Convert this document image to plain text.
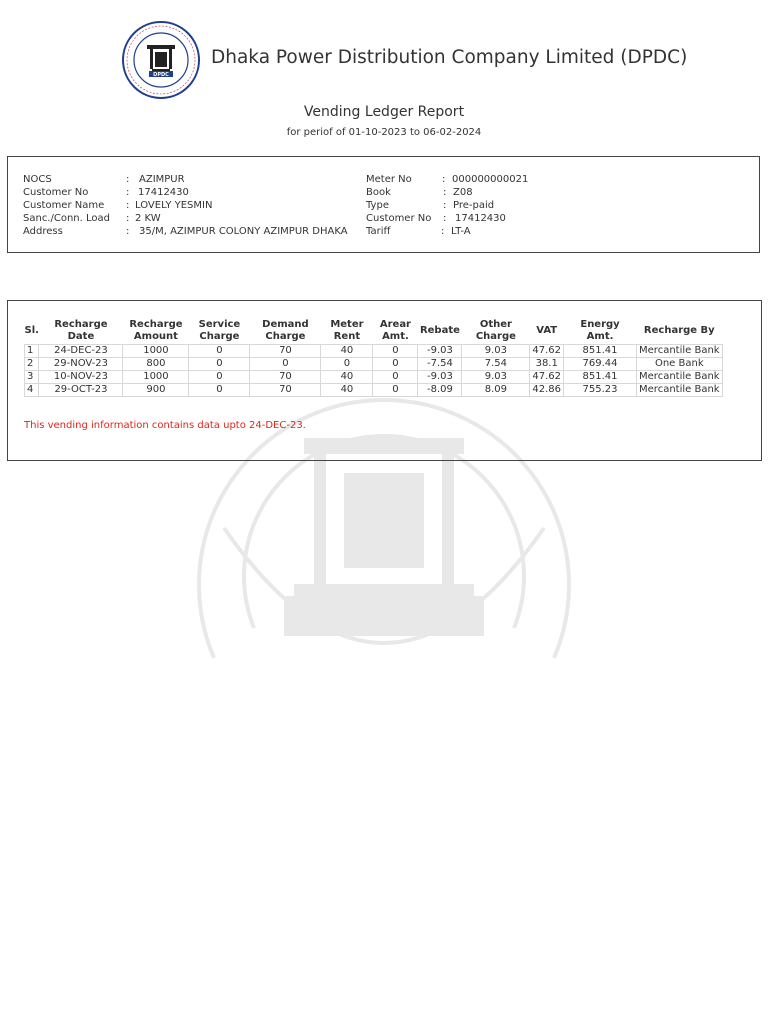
DPDC
Dhaka Power Distribution Company Limited (DPDC)
Vending Ledger Report
for periof of 01-10-2023 to 06-02-2024
NOCS	: AZIMPUR
Customer No	: 17412430
Customer Name : LOVELY YESMIN
Sanc./Conn. Load : 2 KW
Address	: 35/M, AZIMPUR COLONY AZIMPUR DHAKA
Meter No	: 000000000021
Book	: Z08
Type	: Pre-paid
Customer No : 17412430
Tariff	: LT-A
Sl.	Recharge Date	Recharge Amount	Service Charge	Demand Charge	Meter Rent	Arear Amt.	Rebate	Other Charge	VAT	Energy Amt.	Recharge By
1	24-DEC-23	1000	0	70	40	0	-9.03	9.03	47.62	851.41	Mercantile Bank
2	29-NOV-23	800	0	0	0	0	-7.54	7.54	38.1	769.44	One Bank
3	10-NOV-23	1000	0	70	40	0	-9.03	9.03	47.62	851.41	Mercantile Bank
4	29-OCT-23	900	0	70	40	0	-8.09	8.09	42.86	755.23	Mercantile Bank
This vending information contains data upto 24-DEC-23.
